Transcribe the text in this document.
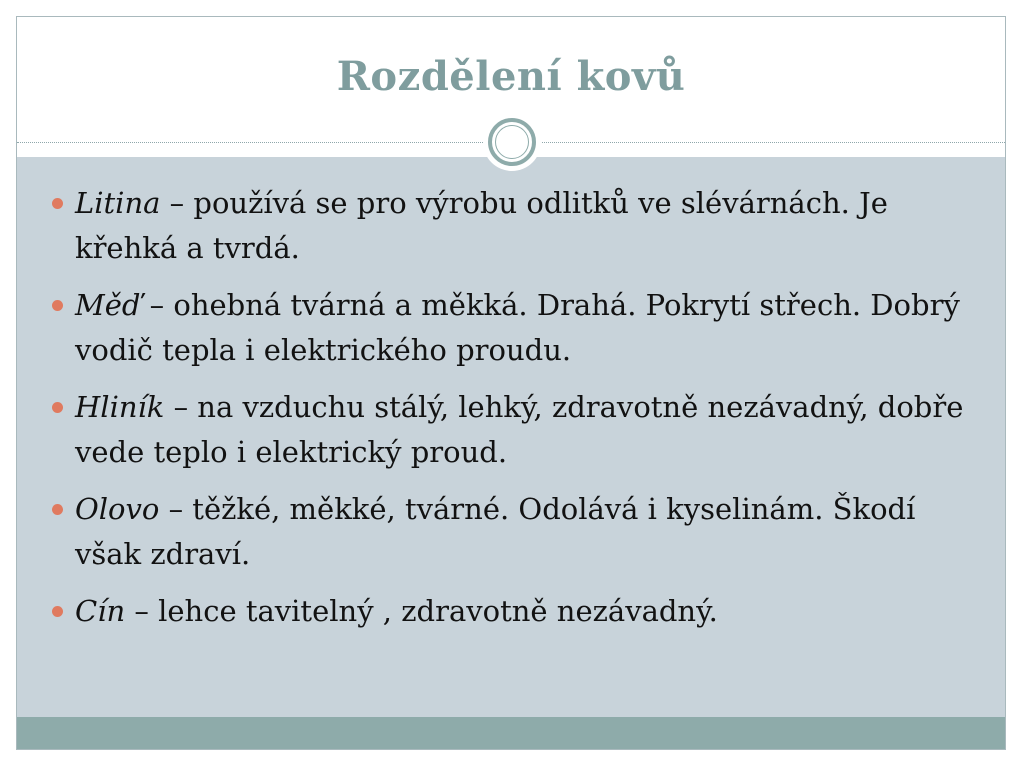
Rozdělení kovů
Litina – používá se pro výrobu odlitků ve slévárnách. Je křehká a tvrdá.
Měď – ohebná tvárná a měkká. Drahá. Pokrytí střech. Dobrý vodič tepla i elektrického proudu.
Hliník – na vzduchu stálý, lehký, zdravotně nezávadný, dobře vede teplo i elektrický proud.
Olovo – těžké, měkké, tvárné. Odolává i kyselinám. Škodí však zdraví.
Cín – lehce tavitelný , zdravotně nezávadný.
